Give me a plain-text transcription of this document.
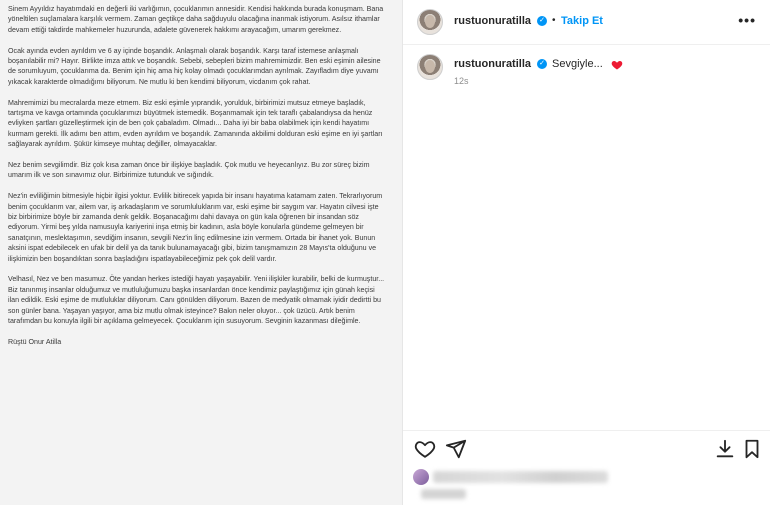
Sinem Ayyıldız hayatımdaki en değerli iki varlığımın, çocuklarımın annesidir. Kendisi hakkında burada konuşmam. Bana yöneltilen suçlamalara karşılık vermem. Zaman geçtikçe daha sağduyulu olacağına inanmak istiyorum. Asılsız ithamlar devam ettiği takdirde mahkemeler huzurunda, adalete güvenerek hakkımı arayacağım, umarım gerekmez.

Ocak ayında evden ayrıldım ve 6 ay içinde boşandık. Anlaşmalı olarak boşandık. Karşı taraf istemese anlaşmalı boşanılabilir mi? Hayır. Birlikte imza attık ve boşandık. Sebebi, sebepleri bizim mahremimizdir. Ben eski eşimin ailesine de sorumluyum, çocuklarıma da. Benim için hiç ama hiç kolay olmadı çocuklarımdan ayrılmak. Zayıfladım diye yuvamı yıkacak karakterde olmadığımı biliyorum. Ne mutlu ki ben kendimi biliyorum, vicdanım çok rahat.

Mahremimizi bu mecralarda meze etmem. Biz eski eşimle yıprandık, yorulduk, birbirimizi mutsuz etmeye başladık, tartışma ve kavga ortamında çocuklarımızı büyütmek istemedik. Boşanmamak için tek taraflı çabalandıysa da henüz evliyken şartları güzelleştirmek için de ben çok çabaladım. Olmadı... Daha iyi bir baba olabilmek için kendi hayatımı kurmam gerekti. İlk adımı ben attım, evden ayrıldım ve boşandık. Zamanında akbilimi dolduran eski eşime en iyi şartları sağlayarak ayrıldım. Şükür kimseye muhtaç değiller, olmayacaklar.

Nez benim sevgilimdir. Biz çok kısa zaman önce bir ilişkiye başladık. Çok mutlu ve heyecanlıyız. Bu zor süreç bizim umarım ilk ve son sınavımız olur. Birbirimize tutunduk ve sığındık.

Nez'in evliliğimin bitmesiyle hiçbir ilgisi yoktur. Evlilik bitirecek yapıda bir insanı hayatıma katamam zaten. Tekrarlıyorum benim çocuklarım var, ailem var, iş arkadaşlarım ve sorumluluklarım var, eski eşime bir saygım var. Hayatın cilvesi işte biz birbirimize böyle bir zamanda denk geldik. Boşanacağımı dahi davaya on gün kala öğrenen bir insandan söz ediyorum. Yirmi beş yılda namusuyla kariyerini inşa etmiş bir kadının, asla böyle konularla gündeme gelmeyen bir sanatçının, meslektaşımın, sevdiğim insanın, sevgili Nez'in linç edilmesine izin vermem. Ortada bir ihanet yok. Bunun aksini ispat edebilecek en ufak bir delil ya da tanık bulunamayacağı gibi, bizim tanışmamızın 28 Mayıs'ta olduğunu ve ilişkimizin ben boşandıktan sonra başladığını ispatlayabileceğimiz pek çok delil vardır.

Velhasıl, Nez ve ben masumuz. Öte yandan herkes istediği hayatı yaşayabilir. Yeni ilişkiler kurabilir, belki de kurmuştur... Biz tanınmış insanlar olduğumuz ve mutluluğumuzu başka insanlardan önce kendimiz paylaştığımız için günah keçisi ilan edildik. Eski eşime de mutluluklar diliyorum. Canı gönülden diliyorum. Bazen de medyatik olmamak iyidir dedirtti bu son günler bana. Yaşayan yaşıyor, ama biz mutlu olmak isteyince? Bakın neler oluyor... çok üzücü. Artık benim tarafımdan bu konuyla ilgili bir açıklama gelmeyecek. Çocuklarım için susuyorum. Sevginin kazanması dileğimle.

Rüştü Onur Atilla

rustuonuratilla ✓ • Takip Et	•••
rustuonuratilla ✓ Sevgiyle...
12s
